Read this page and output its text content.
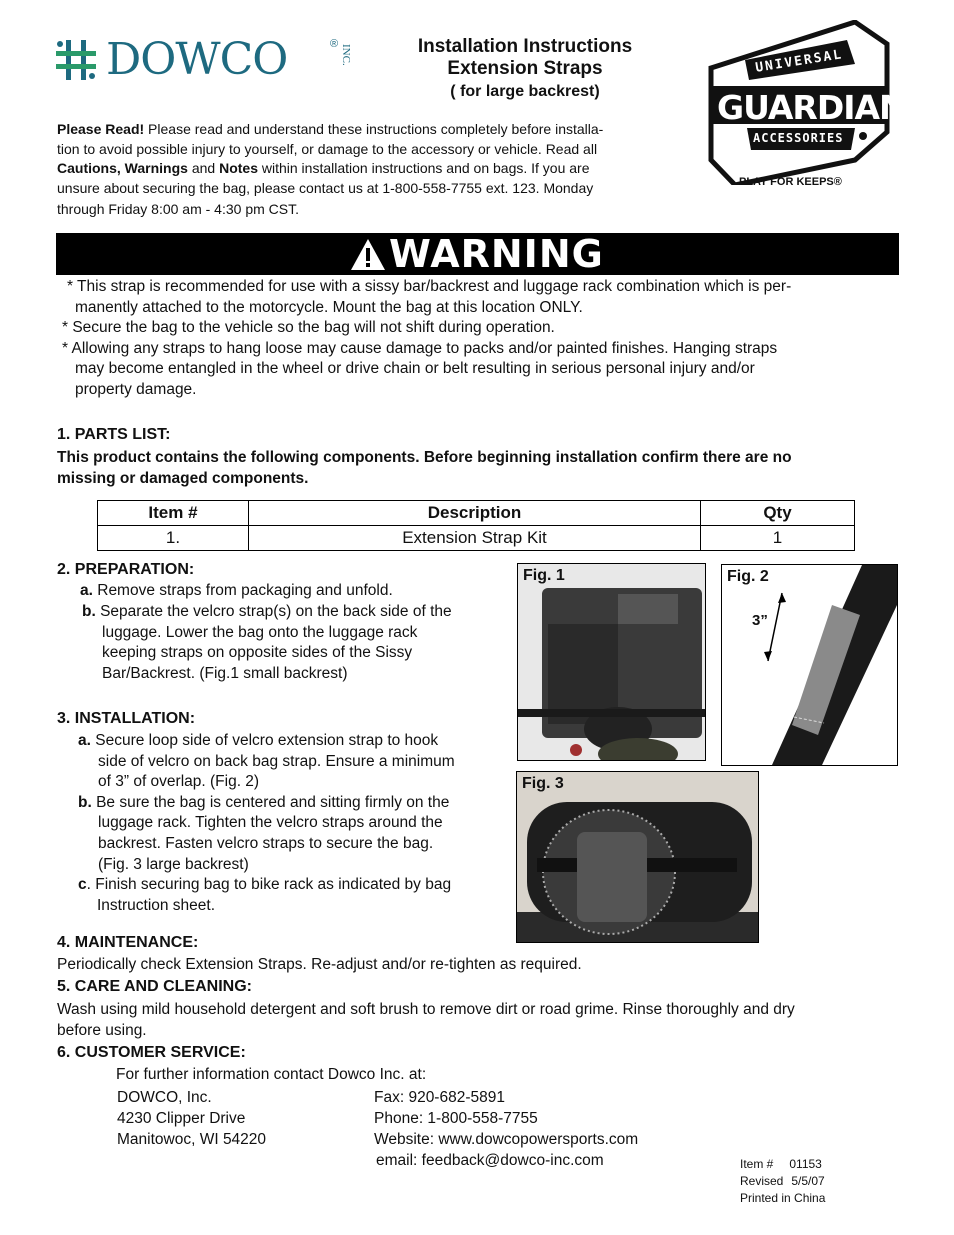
DOWCO	® INC.	Installation Instructions
Extension Straps
( for large backrest)
UNIVERSAL
GUARDIAN
ACCESSORIES
PLAY FOR KEEPS®
Please Read! Please read and understand these instructions completely before installa-
tion to avoid possible injury to yourself, or damage to the accessory or vehicle. Read all
Cautions, Warnings and Notes within installation instructions and on bags. If you are
unsure about securing the bag, please contact us at 1-800-558-7755 ext. 123. Monday
through Friday 8:00 am - 4:30 pm CST.
WARNING
* This strap is recommended for use with a sissy bar/backrest and luggage rack combination which is per-
manently attached to the motorcycle. Mount the bag at this location ONLY.
* Secure the bag to the vehicle so the bag will not shift during operation.
* Allowing any straps to hang loose may cause damage to packs and/or painted finishes. Hanging straps
may become entangled in the wheel or drive chain or belt resulting in serious personal injury and/or
property damage.
1. PARTS LIST:
This product contains the following components. Before beginning installation confirm there are no
missing or damaged components.
Item #	Description	Qty
1.	Extension Strap Kit	1
2. PREPARATION:
a. Remove straps from packaging and unfold.
b. Separate the velcro strap(s) on the back side of the
luggage. Lower the bag onto the luggage rack
keeping straps on opposite sides of the Sissy
Bar/Backrest. (Fig.1 small backrest)
3. INSTALLATION:
a. Secure loop side of velcro extension strap to hook
side of velcro on back bag strap. Ensure a minimum
of 3” of overlap. (Fig. 2)
b. Be sure the bag is centered and sitting firmly on the
luggage rack. Tighten the velcro straps around the
backrest. Fasten velcro straps to secure the bag.
(Fig. 3 large backrest)
c. Finish securing bag to bike rack as indicated by bag
Instruction sheet.
Fig. 1	Fig. 2
3”
Fig. 3
4. MAINTENANCE:
Periodically check Extension Straps. Re-adjust and/or re-tighten as required.
5. CARE AND CLEANING:
Wash using mild household detergent and soft brush to remove dirt or road grime. Rinse thoroughly and dry
before using.
6. CUSTOMER SERVICE:
For further information contact Dowco Inc. at:
DOWCO, Inc.
4230 Clipper Drive
Manitowoc, WI 54220
Fax: 920-682-5891
Phone: 1-800-558-7755
Website: www.dowcopowersports.com
email: feedback@dowco-inc.com	Item # 01153
Revised 5/5/07
Printed in China
